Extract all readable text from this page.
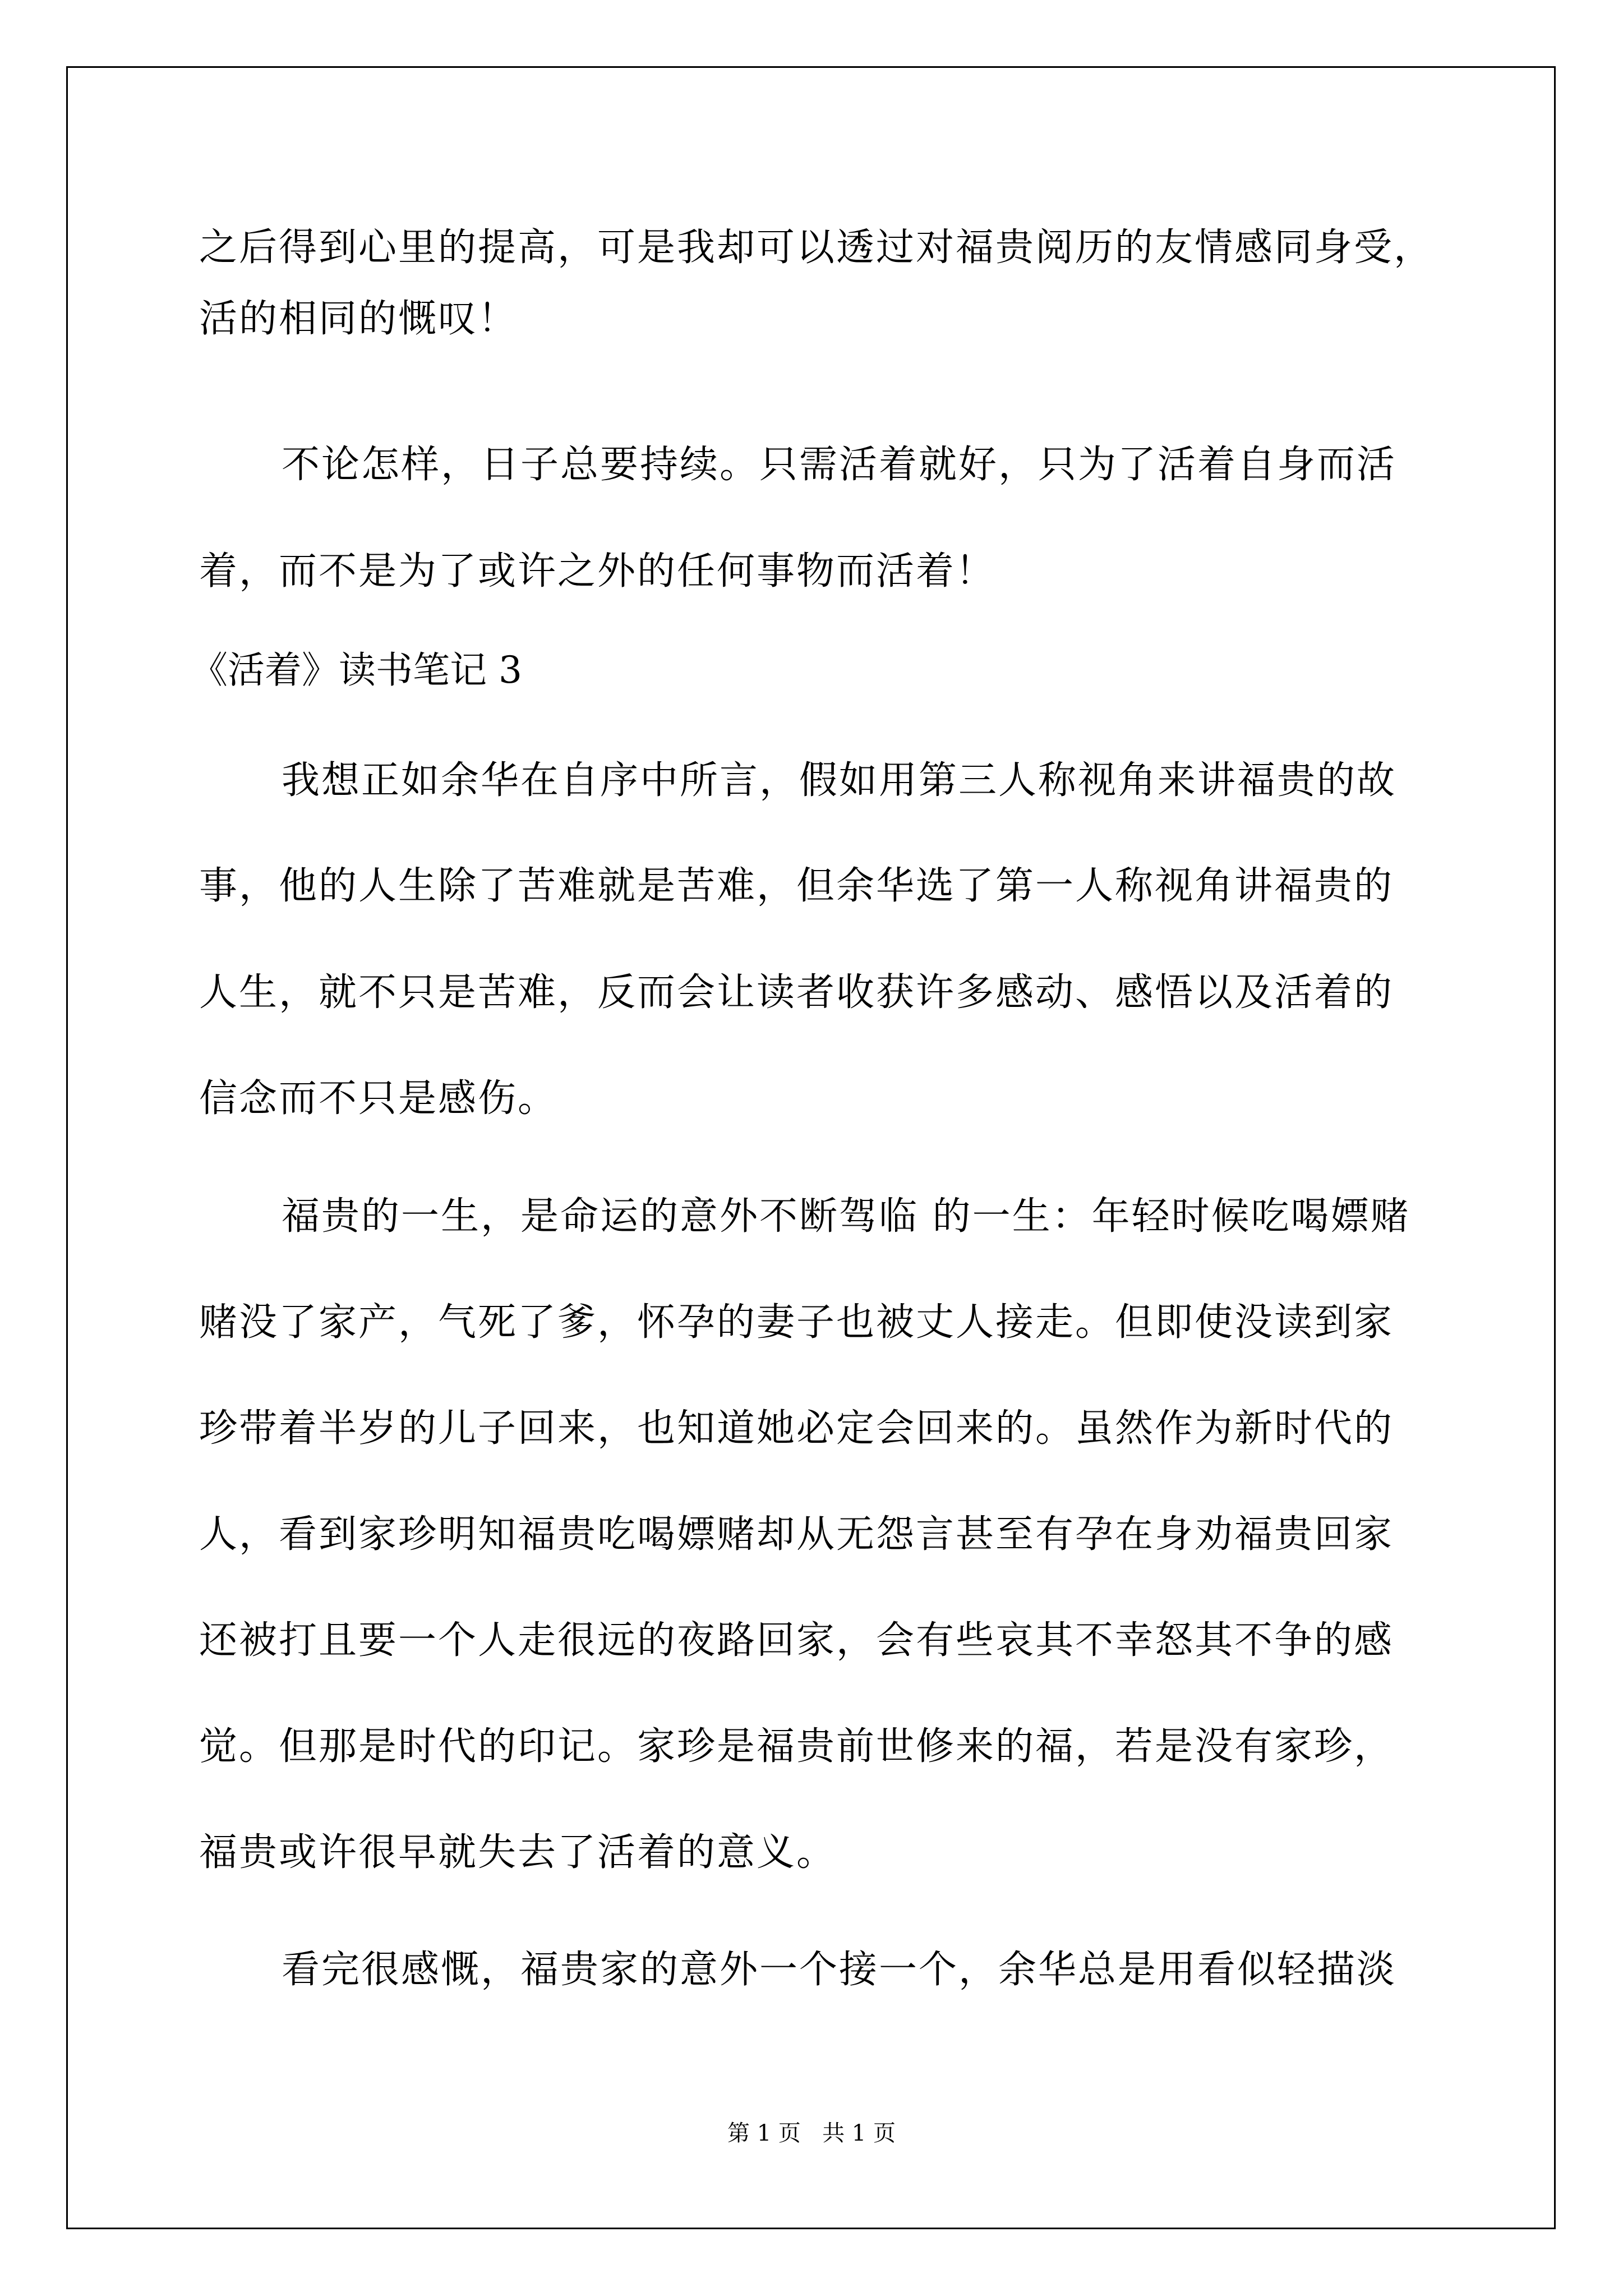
之后得到心里的提高，可是我却可以透过对福贵阅历的友情感同身受，
活的相同的慨叹！
不论怎样，日子总要持续。只需活着就好，只为了活着自身而活
着，而不是为了或许之外的任何事物而活着！
《活着》读书笔记 3
我想正如余华在自序中所言，假如用第三人称视角来讲福贵的故
事，他的人生除了苦难就是苦难，但余华选了第一人称视角讲福贵的
人生，就不只是苦难，反而会让读者收获许多感动、感悟以及活着的
信念而不只是感伤。
福贵的一生，是命运的意外不断驾临 的一生：年轻时候吃喝嫖赌
赌没了家产，气死了爹，怀孕的妻子也被丈人接走。但即使没读到家
珍带着半岁的儿子回来，也知道她必定会回来的。虽然作为新时代的
人，看到家珍明知福贵吃喝嫖赌却从无怨言甚至有孕在身劝福贵回家
还被打且要一个人走很远的夜路回家，会有些哀其不幸怒其不争的感
觉。但那是时代的印记。家珍是福贵前世修来的福，若是没有家珍，
福贵或许很早就失去了活着的意义。
看完很感慨，福贵家的意外一个接一个，余华总是用看似轻描淡
第 1 页   共 1 页
